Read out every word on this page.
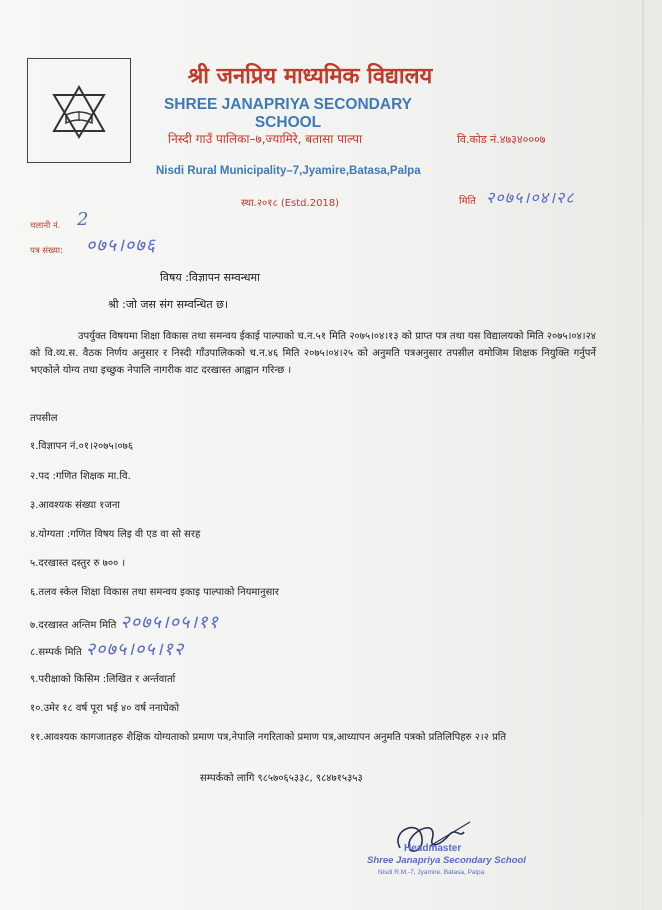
श्री जनप्रिय माध्यमिक विद्यालय
SHREE JANAPRIYA SECONDARY SCHOOL
निस्दी गाउँ पालिका–७,ज्यामिरे, बतासा पाल्पा	वि.कोड नं.४७३४०००७
Nisdi Rural Municipality–7,Jyamire,Batasa,Palpa
स्था.२०१८ (Estd.2018)	मिति २०७५।०४।२८
चलानी नं. 2
पत्र संख्या: ०७५।०७६
विषय :विज्ञापन सम्वन्धमा
श्री :जो जस संग सम्वन्धित छ।
उपर्युक्त विषयमा शिक्षा विकास तथा समन्वय ईकाई पाल्पाको च.न.५१ मिति २०७५।०४।१३ को प्राप्त पत्र तथा यस विद्यालयको मिति २०७५।०४।२४ को वि.व्य.स. वैठक निर्णय अनुसार र निस्दी गाँउपालिकको च.न.४६ मिति २०७५।०४।२५ को अनुमति पत्रअनुसार तपसील वमोजिम शिक्षक नियुक्ति गर्नुपर्ने भएकोले योग्य तथा इच्छुक नेपालि नागरीक वाट दरखास्त आह्वान गरिन्छ ।
तपसील
१.विज्ञापन नं.०१।२०७५।०७६
२.पद :गणित शिक्षक मा.वि.
३.आवश्यक संख्या १जना
४.योग्यता :गणित विषय लिइ वी एड वा सो सरह
५.दरखास्त दस्तुर रु ७०० ।
६.तलव स्केल शिक्षा विकास तथा समन्वय इकाइ पाल्पाको नियमानुसार
७.दरखास्त अन्तिम मिति २०७५।०५।११
८.सम्पर्क मिति २०७५।०५।१२
९.परीक्षाको किसिम :लिखित र अर्न्तवार्ता
१०.उमेर १८ वर्ष पूरा भई ४० वर्ष ननाघेको
११.आवश्यक कागजातहरु शैक्षिक योग्यताको प्रमाण पत्र,नेपालि नगरिताको प्रमाण पत्र,आध्यापन अनुमति पत्रको प्रतिलिपिहरु २।२ प्रति
सम्पर्कको लागि ९८५७०६५३३८, ९८४७१५३५३
Headmaster
Shree Janapriya Secondary School
Nisdi R.M.-7, Jyamire, Batasa, Palpa
